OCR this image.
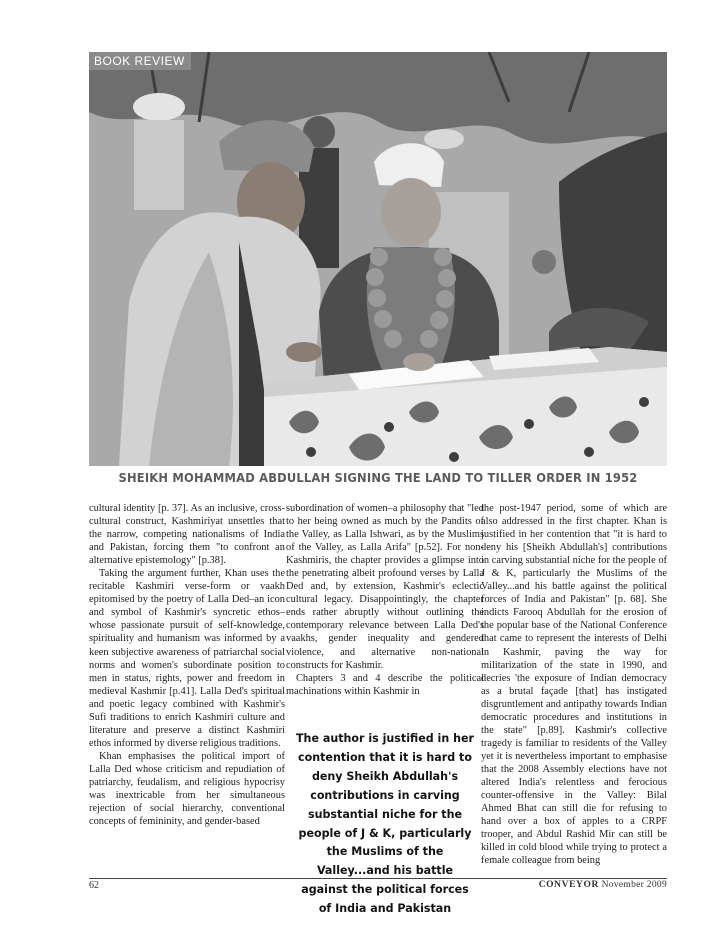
BOOK REVIEW
SHEIKH MOHAMMAD ABDULLAH SIGNING THE LAND TO TILLER ORDER IN 1952

cultural identity [p. 37]. As an inclusive, cross-cultural construct, Kashmiriyat unsettles that the narrow, competing nationalisms of India and Pakistan, forcing them "to confront an alternative epistemology" [p.38].

Taking the argument further, Khan uses the recitable Kashmiri verse-form or vaakh epitomised by the poetry of Lalla Ded–an icon and symbol of Kashmir's syncretic ethos–whose passionate pursuit of self-knowledge, spirituality and humanism was informed by a keen subjective awareness of patriarchal social norms and women's subordinate position to men in status, rights, power and freedom in medieval Kashmir [p.41]. Lalla Ded's spiritual and poetic legacy combined with Kashmir's Sufi traditions to enrich Kashmiri culture and literature and preserve a distinct Kashmiri ethos informed by diverse religious traditions.

Khan emphasises the political import of Lalla Ded whose criticism and repudiation of patriarchy, feudalism, and religious hypocrisy was inextricable from her simultaneous rejection of social hierarchy, conventional concepts of femininity, and gender-based

subordination of women–a philosophy that "led to her being owned as much by the Pandits of the Valley, as Lalla Ishwari, as by the Muslims of the Valley, as Lalla Arifa" [p.52]. For non-Kashmiris, the chapter provides a glimpse into the penetrating albeit profound verses by Lalla Ded and, by extension, Kashmir's eclectic cultural legacy. Disappointingly, the chapter ends rather abruptly without outlining the contemporary relevance between Lalla Ded's vaakhs, gender inequality and gendered violence, and alternative non-national constructs for Kashmir.

Chapters 3 and 4 describe the political machinations within Kashmir in

The author is justified in her contention that it is hard to deny Sheikh Abdullah's contributions in carving substantial niche for the people of J & K, particularly the Muslims of the Valley...and his battle against the political forces of India and Pakistan

the post-1947 period, some of which are also addressed in the first chapter. Khan is justified in her contention that "it is hard to deny his [Sheikh Abdullah's] contributions in carving substantial niche for the people of J & K, particularly the Muslims of the Valley...and his battle against the political forces of India and Pakistan" [p. 68]. She indicts Farooq Abdullah for the erosion of the popular base of the National Conference that came to represent the interests of Delhi in Kashmir, paving the way for militarization of the state in 1990, and decries 'the exposure of Indian democracy as a brutal façade [that] has instigated disgruntlement and antipathy towards Indian democratic procedures and institutions in the state" [p.89]. Kashmir's collective tragedy is familiar to residents of the Valley yet it is nevertheless important to emphasise that the 2008 Assembly elections have not altered India's relentless and ferocious counter-offensive in the Valley: Bilal Ahmed Bhat can still die for refusing to hand over a box of apples to a CRPF trooper, and Abdul Rashid Mir can still be killed in cold blood while trying to protect a female colleague from being

62	CONVEYOR November 2009
